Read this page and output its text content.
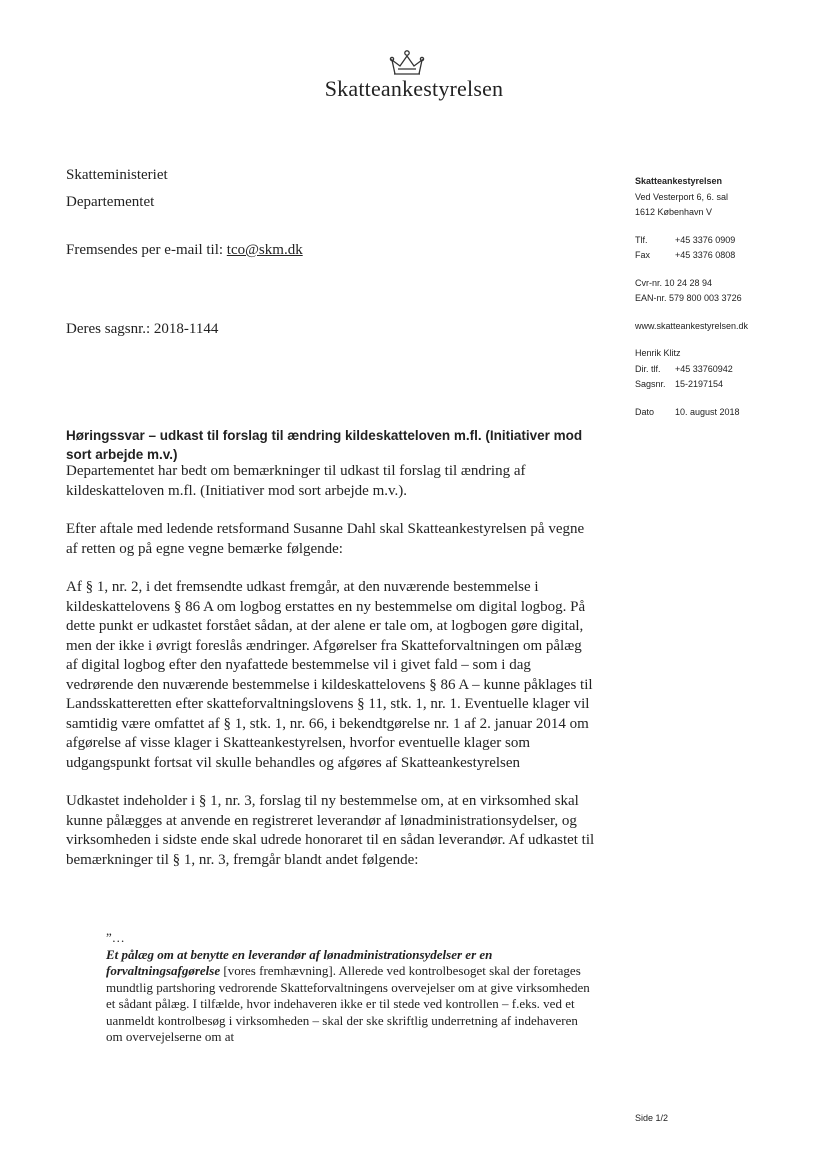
Skatteankestyrelsen
Skatteministeriet
Departementet
Fremsendes per e-mail til: tco@skm.dk
Deres sagsnr.: 2018-1144
Skatteankestyrelsen
Ved Vesterport 6, 6. sal
1612 København V
Tlf.	+45 3376 0909
Fax	+45 3376 0808
Cvr-nr. 10 24 28 94
EAN-nr. 579 800 003 3726
www.skatteankestyrelsen.dk
Henrik Klitz
Dir. tlf. +45 33760942
Sagsnr. 15-2197154
Dato 10. august 2018
Høringssvar – udkast til forslag til ændring kildeskatteloven m.fl. (Initiativer mod sort arbejde m.v.)

Departementet har bedt om bemærkninger til udkast til forslag til ændring af kildeskatteloven m.fl. (Initiativer mod sort arbejde m.v.).

Efter aftale med ledende retsformand Susanne Dahl skal Skatteankestyrelsen på vegne af retten og på egne vegne bemærke følgende:

Af § 1, nr. 2, i det fremsendte udkast fremgår, at den nuværende bestemmelse i kildeskattelovens § 86 A om logbog erstattes en ny bestemmelse om digital logbog. På dette punkt er udkastet forstået sådan, at der alene er tale om, at logbogen gøre digital, men der ikke i øvrigt foreslås ændringer. Afgørelser fra Skatteforvaltningen om pålæg af digital logbog efter den nyafattede bestemmelse vil i givet fald – som i dag vedrørende den nuværende bestemmelse i kildeskattelovens § 86 A – kunne påklages til Landsskatteretten efter skatteforvaltningslovens § 11, stk. 1, nr. 1. Eventuelle klager vil samtidig være omfattet af § 1, stk. 1, nr. 66, i bekendtgørelse nr. 1 af 2. januar 2014 om afgørelse af visse klager i Skatteankestyrelsen, hvorfor eventuelle klager som udgangspunkt fortsat vil skulle behandles og afgøres af Skatteankestyrelsen

Udkastet indeholder i § 1, nr. 3, forslag til ny bestemmelse om, at en virksomhed skal kunne pålægges at anvende en registreret leverandør af lønadministrationsydelser, og virksomheden i sidste ende skal udrede honoraret til en sådan leverandør. Af udkastet til bemærkninger til § 1, nr. 3, fremgår blandt andet følgende:

”…

Et pålæg om at benytte en leverandør af lønadministrationsydelser er en forvaltningsafgørelse [vores fremhævning]. Allerede ved kontrolbesoget skal der foretages mundtlig partshoring vedrorende Skatteforvaltningens overvejelser om at give virksomheden et sådant pålæg. I tilfælde, hvor indehaveren ikke er til stede ved kontrollen – f.eks. ved et uanmeldt kontrolbesøg i virksomheden – skal der ske skriftlig underretning af indehaveren om overvejelserne om at

Side 1/2
